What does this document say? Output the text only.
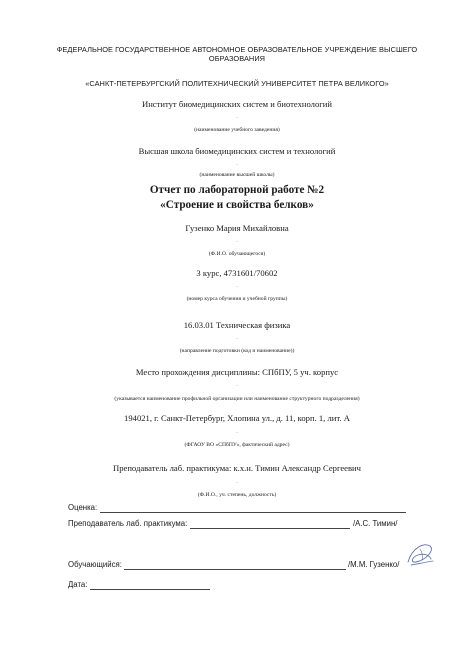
ФЕДЕРАЛЬНОЕ ГОСУДАРСТВЕННОЕ АВТОНОМНОЕ ОБРАЗОВАТЕЛЬНОЕ УЧРЕЖДЕНИЕ ВЫСШЕГО
ОБРАЗОВАНИЯ
«САНКТ-ПЕТЕРБУРГСКИЙ ПОЛИТЕХНИЧЕСКИЙ УНИВЕРСИТЕТ ПЕТРА ВЕЛИКОГО»
Институт биомедицинских систем и биотехнологий
.
(наименование учебного заведения)
Высшая школа биомедицинских систем и технологий
.
(наименование высшей школы)
Отчет по лабораторной работе №2
«Строение и свойства белков»
Гузенко Мария Михайловна
.
(Ф.И.О. обучающегося)
3 курс, 4731601/70602
.
(номер курса обучения и учебной группы)
16.03.01 Техническая физика
.
(направление подготовки (код и наименование))
Место прохождения дисциплины: СПбПУ, 5 уч. корпус
.
(указывается наименование профильной организации или наименование структурного подразделения)
194021, г. Санкт-Петербург, Хлопина ул., д. 11, корп. 1, лит. А
.
(ФГАОУ ВО «СПбПУ», фактический адрес)
Преподаватель лаб. практикума: к.х.н. Тимин Александр Сергеевич
.
(Ф.И.О., уч. степень, должность)
Оценка:
Преподаватель лаб. практикума:	/А.С. Тимин/
Обучающийся:	/М.М. Гузенко/
Дата:
